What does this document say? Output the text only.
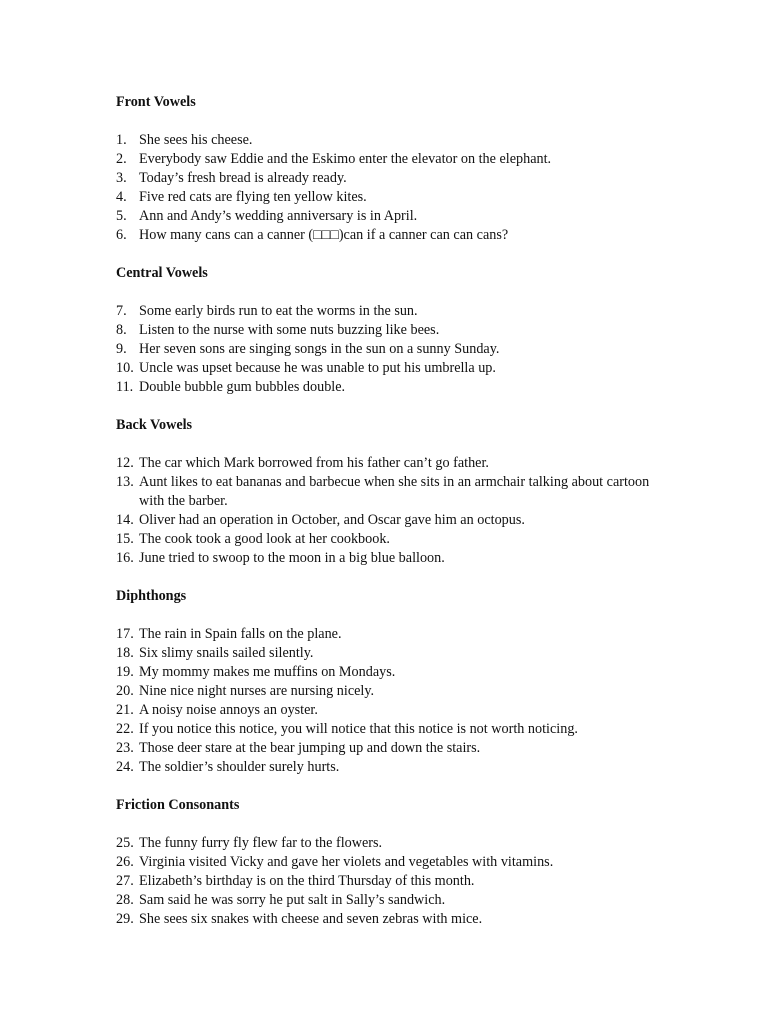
Front Vowels
1. She sees his cheese.
2. Everybody saw Eddie and the Eskimo enter the elevator on the elephant.
3. Today’s fresh bread is already ready.
4. Five red cats are flying ten yellow kites.
5. Ann and Andy’s wedding anniversary is in April.
6. How many cans can a canner (□□□)can if a canner can can cans?
Central Vowels
7. Some early birds run to eat the worms in the sun.
8. Listen to the nurse with some nuts buzzing like bees.
9. Her seven sons are singing songs in the sun on a sunny Sunday.
10. Uncle was upset because he was unable to put his umbrella up.
11. Double bubble gum bubbles double.
Back Vowels
12. The car which Mark borrowed from his father can’t go father.
13. Aunt likes to eat bananas and barbecue when she sits in an armchair talking about cartoon with the barber.
14. Oliver had an operation in October, and Oscar gave him an octopus.
15. The cook took a good look at her cookbook.
16. June tried to swoop to the moon in a big blue balloon.
Diphthongs
17. The rain in Spain falls on the plane.
18. Six slimy snails sailed silently.
19. My mommy makes me muffins on Mondays.
20. Nine nice night nurses are nursing nicely.
21. A noisy noise annoys an oyster.
22. If you notice this notice, you will notice that this notice is not worth noticing.
23. Those deer stare at the bear jumping up and down the stairs.
24. The soldier’s shoulder surely hurts.
Friction Consonants
25. The funny furry fly flew far to the flowers.
26. Virginia visited Vicky and gave her violets and vegetables with vitamins.
27. Elizabeth’s birthday is on the third Thursday of this month.
28. Sam said he was sorry he put salt in Sally’s sandwich.
29. She sees six snakes with cheese and seven zebras with mice.
